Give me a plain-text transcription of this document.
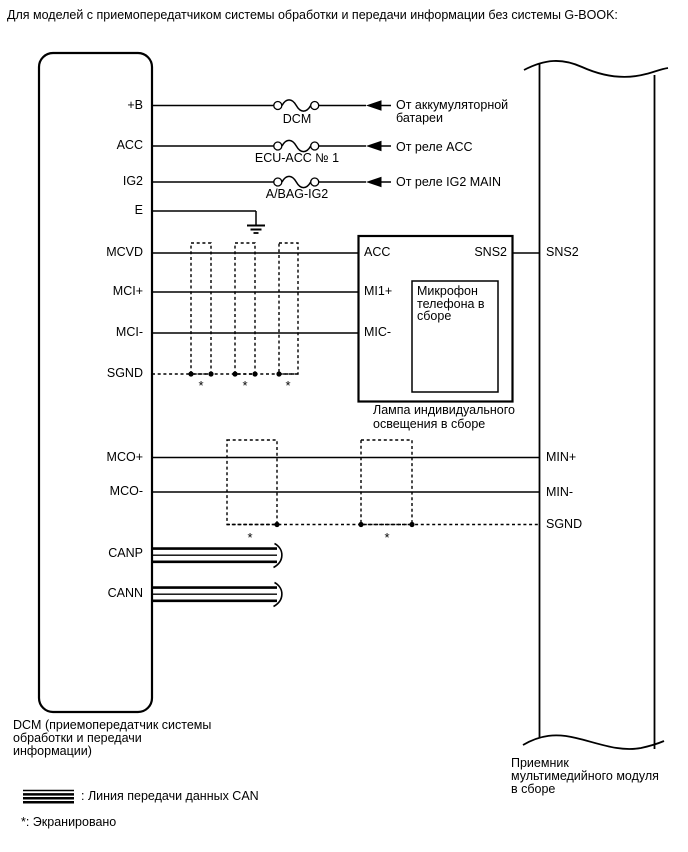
Для моделей с приемопередатчиком системы обработки и передачи информации без системы G-BOOK:
+B
ACC
IG2
E
MCVD
MCI+
MCI-
SGND
MCO+
MCO-
CANP
CANN
DCM
ECU-ACC № 1
A/BAG-IG2
От аккумуляторной батареи
От реле ACC
От реле IG2 MAIN
ACC	SNS2
MI1+
MIC-
Микрофон телефона в сборе
Лампа индивидуального освещения в сборе
SNS2
MIN+
MIN-
SGND
Приемник мультимедийного модуля в сборе
DCM (приемопередатчик системы обработки и передачи информации)
*	*	*
*	*
: Линия передачи данных CAN
*: Экранировано
